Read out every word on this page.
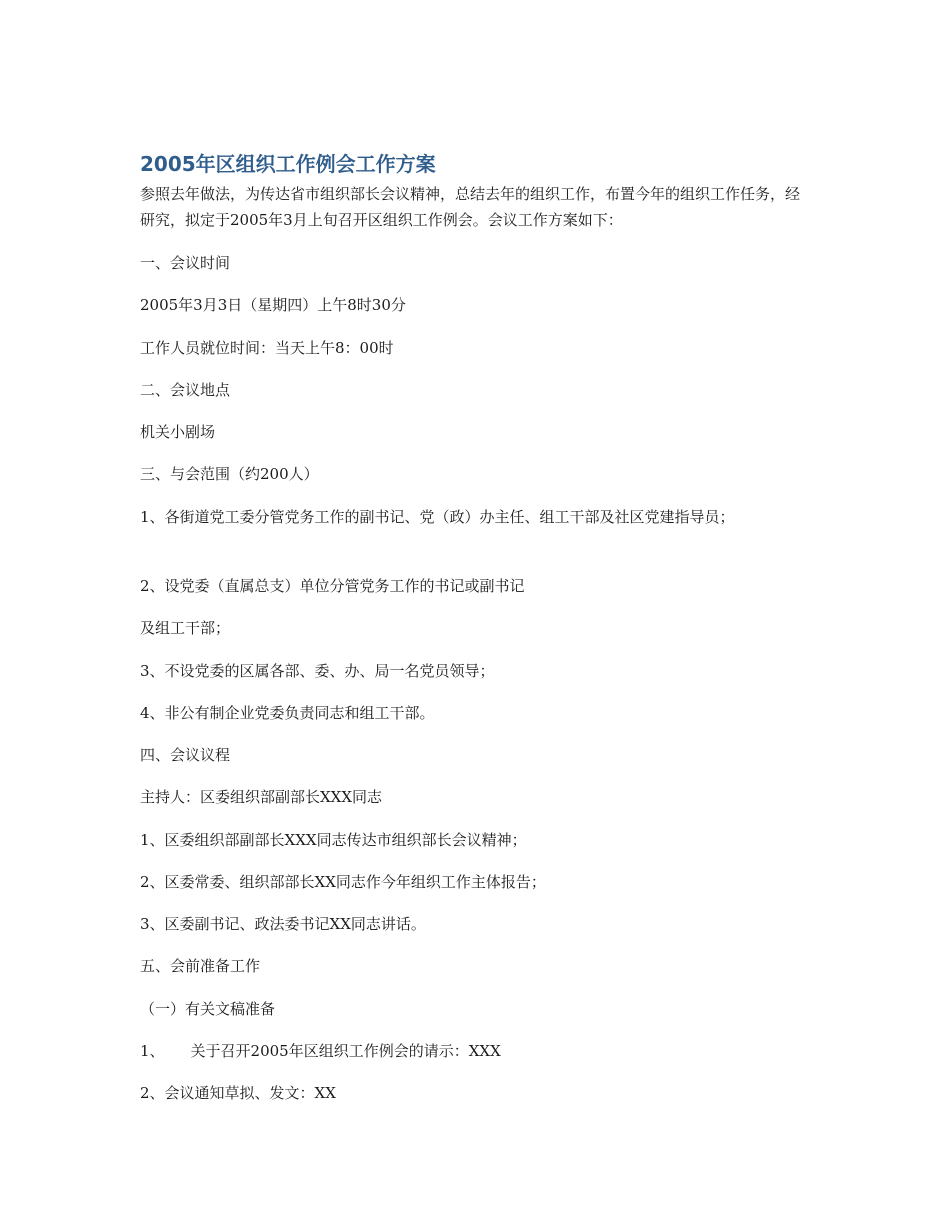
2005年区组织工作例会工作方案

参照去年做法，为传达省市组织部长会议精神，总结去年的组织工作，布置今年的组织工作任务，经研究，拟定于2005年3月上旬召开区组织工作例会。会议工作方案如下：

一、会议时间

2005年3月3日（星期四）上午8时30分

工作人员就位时间：当天上午8：00时

二、会议地点

机关小剧场

三、与会范围（约200人）

1、各街道党工委分管党务工作的副书记、党（政）办主任、组工干部及社区党建指导员；

2、设党委（直属总支）单位分管党务工作的书记或副书记

及组工干部；

3、不设党委的区属各部、委、办、局一名党员领导；

4、非公有制企业党委负责同志和组工干部。

四、会议议程

主持人：区委组织部副部长XXX同志

1、区委组织部副部长XXX同志传达市组织部长会议精神；

2、区委常委、组织部部长XX同志作今年组织工作主体报告；

3、区委副书记、政法委书记XX同志讲话。

五、会前准备工作

（一）有关文稿准备

1、 关于召开2005年区组织工作例会的请示：XXX

2、会议通知草拟、发文：XX
